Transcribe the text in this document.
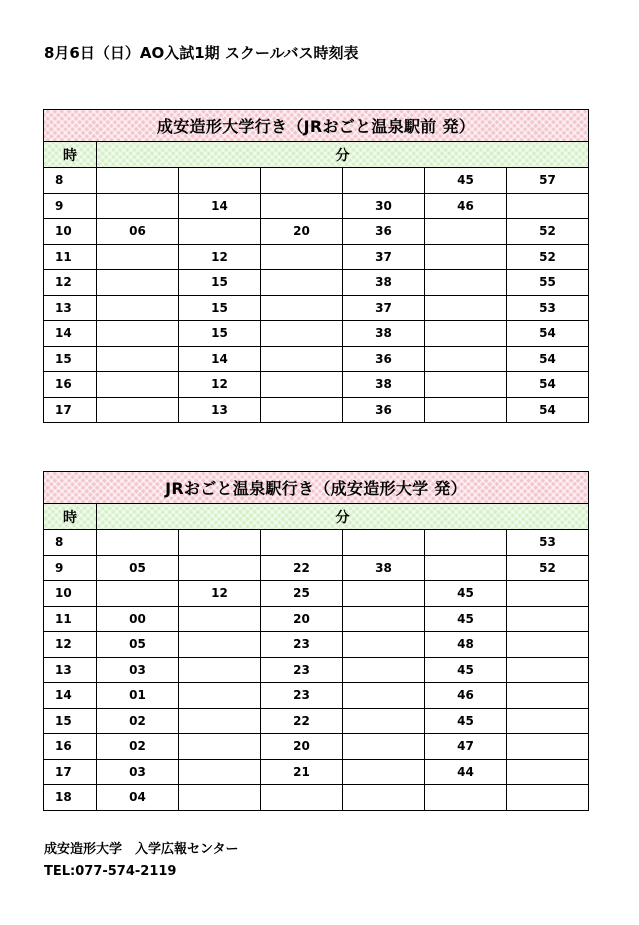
8月6日（日）AO入試1期 スクールバス時刻表
成安造形大学行き（JRおごと温泉駅前 発）						
時	分					
8					45	57
9		14		30	46	
10	06		20	36		52
11		12		37		52
12		15		38		55
13		15		37		53
14		15		38		54
15		14		36		54
16		12		38		54
17		13		36		54
JRおごと温泉駅行き（成安造形大学 発）						
時	分					
8						53
9	05		22	38		52
10		12	25		45	
11	00		20		45	
12	05		23		48	
13	03		23		45	
14	01		23		46	
15	02		22		45	
16	02		20		47	
17	03		21		44	
18	04					

成安造形大学　入学広報センター

TEL:077-574-2119
